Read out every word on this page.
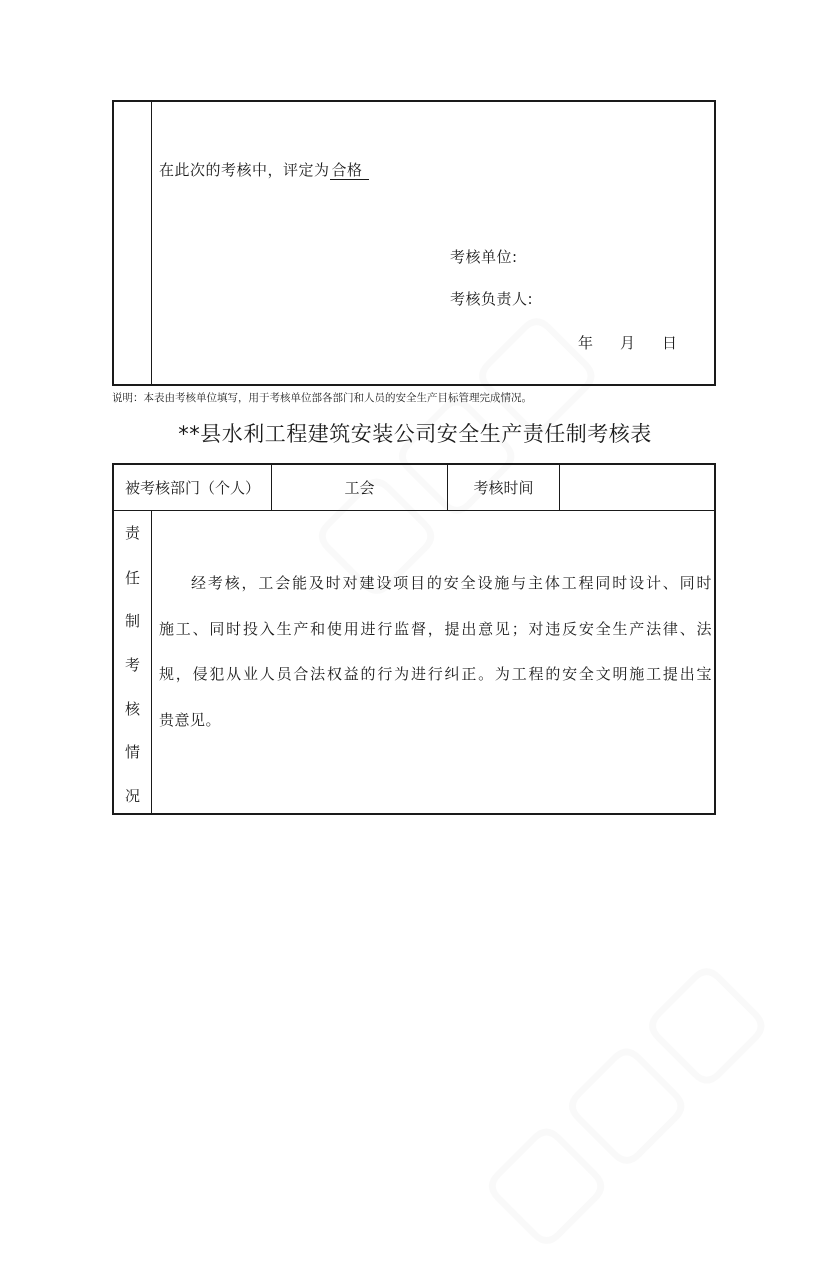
在此次的考核中，评定为 合格
考核单位:
考核负责人:
年 月 日
说明：本表由考核单位填写，用于考核单位部各部门和人员的安全生产目标管理完成情况。
**县水利工程建筑安装公司安全生产责任制考核表
被考核部门（个人）	工会	考核时间
责
任
制
考
核
情
况
经考核，工会能及时对建设项目的安全设施与主体工程同时设计、同时
施工、同时投入生产和使用进行监督，提出意见；对违反安全生产法律、法
规，侵犯从业人员合法权益的行为进行纠正。为工程的安全文明施工提出宝
贵意见。
